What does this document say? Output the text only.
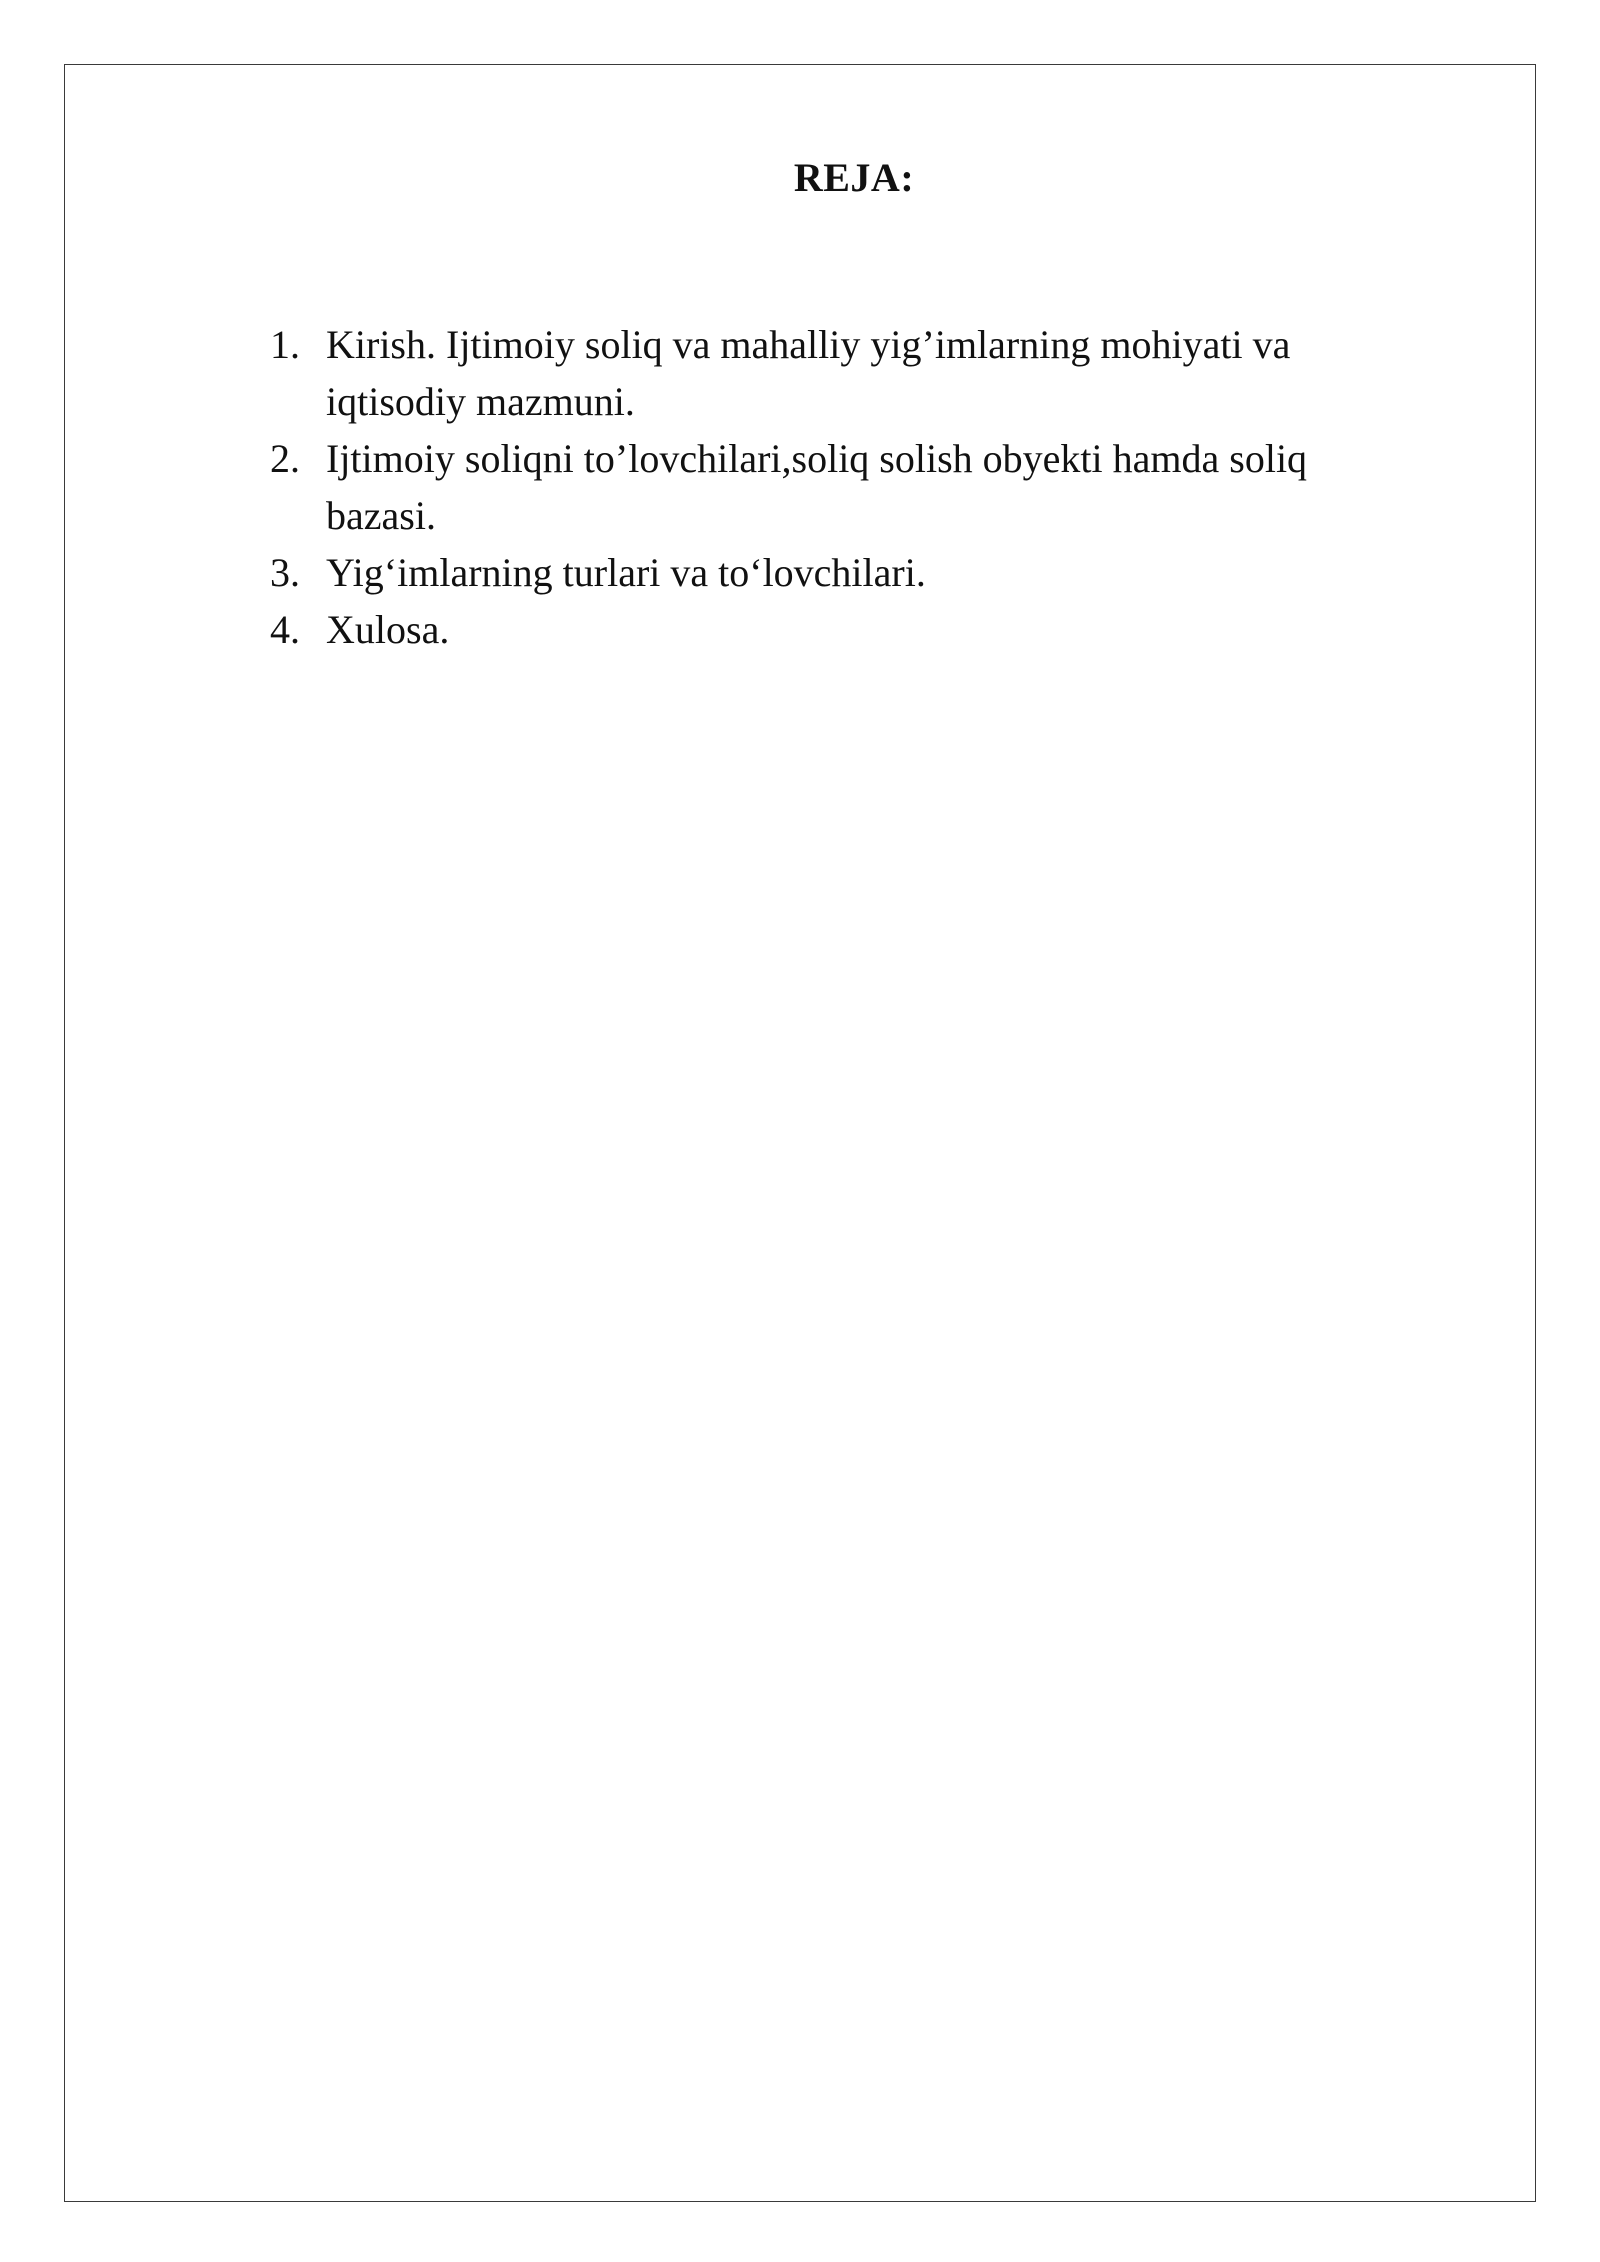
REJA:
1. Kirish. Ijtimoiy soliq va mahalliy yig’imlarning mohiyati va iqtisodiy mazmuni.
2. Ijtimoiy soliqni to’lovchilari,soliq solish obyekti hamda soliq bazasi.
3. Yig‘imlarning turlari va to‘lovchilari.
4. Xulosa.
